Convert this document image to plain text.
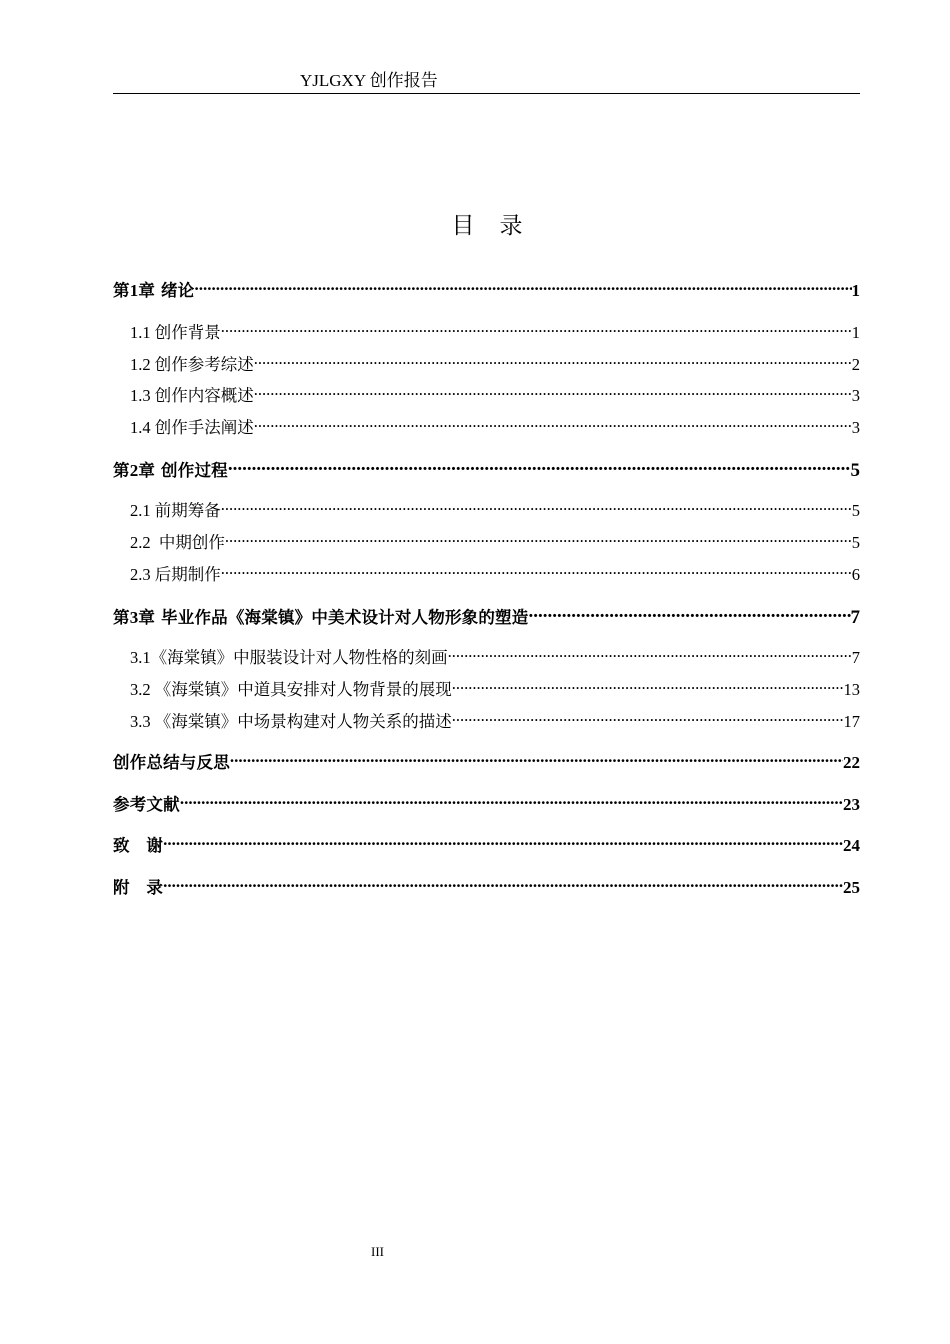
YJLGXY 创作报告
目　录
第1章 绪论 .....	1
1.1 创作背景 .....	1
1.2 创作参考综述 .....	2
1.3 创作内容概述 .....	3
1.4 创作手法阐述 .....	3
第2章 创作过程 .....	5
2.1 前期筹备 .....	5
2.2  中期创作 .....	5
2.3 后期制作 .....	6
第3章 毕业作品《海棠镇》中美术设计对人物形象的塑造 .....	7
3.1《海棠镇》中服装设计对人物性格的刻画 .....	7
3.2 《海棠镇》中道具安排对人物背景的展现 .....	13
3.3 《海棠镇》中场景构建对人物关系的描述 .....	17
创作总结与反思 .....	22
参考文献 .....	23
致　谢 .....	24
附　录 .....	25
III
